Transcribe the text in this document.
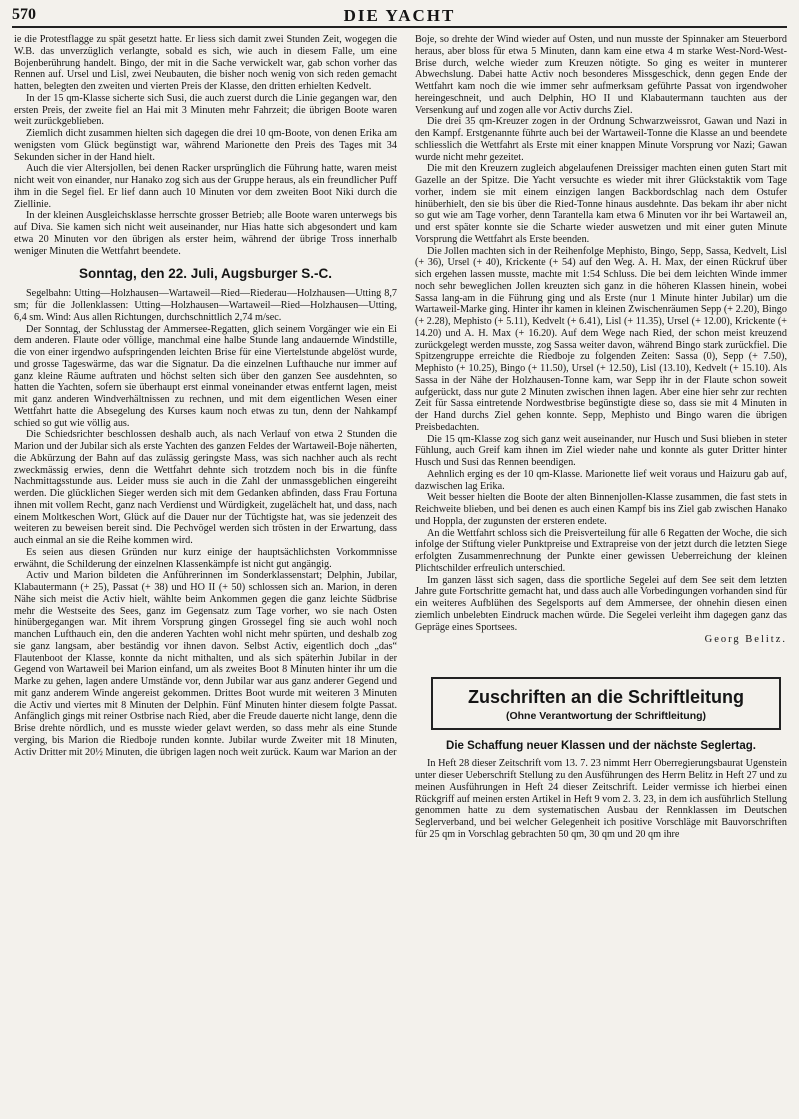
570	DIE YACHT

ie die Protestflagge zu spät gesetzt hatte. Er liess sich damit zwei Stunden Zeit, wogegen die W.B. das unverzüglich verlangte, sobald es sich, wie auch in diesem Falle, um eine Bojenberührung handelt. Bingo, der mit in die Sache verwickelt war, gab schon vorher das Rennen auf. Ursel und Lisl, zwei Neubauten, die bisher noch wenig von sich reden gemacht hatten, belegten den zweiten und vierten Preis der Klasse, den dritten erhielten Kedvelt.

In der 15 qm-Klasse sicherte sich Susi, die auch zuerst durch die Linie gegangen war, den ersten Preis, der zweite fiel an Hai mit 3 Minuten mehr Fahrzeit; die übrigen Boote waren weit zurückgeblieben.

Ziemlich dicht zusammen hielten sich dagegen die drei 10 qm-Boote, von denen Erika am wenigsten vom Glück begünstigt war, während Marionette den Preis des Tages mit 34 Sekunden sicher in der Hand hielt.

Auch die vier Altersjollen, bei denen Racker ursprünglich die Führung hatte, waren meist nicht weit von einander, nur Hanako zog sich aus der Gruppe heraus, als ein freundlicher Puff ihm in die Segel fiel. Er lief dann auch 10 Minuten vor dem zweiten Boot Niki durch die Ziellinie.

In der kleinen Ausgleichsklasse herrschte grosser Betrieb; alle Boote waren unterwegs bis auf Diva. Sie kamen sich nicht weit auseinander, nur Hias hatte sich abgesondert und kam etwa 20 Minuten vor den übrigen als erster heim, während der übrige Tross innerhalb weniger Minuten die Wettfahrt beendete.

Sonntag, den 22. Juli, Augsburger S.-C.

Segelbahn: Utting—Holzhausen—Wartaweil—Ried—Riederau—Holzhausen—Utting 8,7 sm; für die Jollenklassen: Utting—Holzhausen—Wartaweil—Ried—Holzhausen—Utting, 6,4 sm. Wind: Aus allen Richtungen, durchschnittlich 2,74 m/sec.

Der Sonntag, der Schlusstag der Ammersee-Regatten, glich seinem Vorgänger wie ein Ei dem anderen. Flaute oder völlige, manchmal eine halbe Stunde lang andauernde Windstille, die von einer irgendwo aufspringenden leichten Brise für eine Viertelstunde abgelöst wurde, und grosse Tageswärme, das war die Signatur. Da die einzelnen Lufthauche nur immer auf ganz kleine Räume auftraten und höchst selten sich über den ganzen See ausdehnten, so hatten die Yachten, sofern sie überhaupt erst einmal voneinander etwas entfernt lagen, meist mit ganz anderen Windverhältnissen zu rechnen, und mit dem eigentlichen Wesen einer Wettfahrt hatte die Absegelung des Kurses kaum noch etwas zu tun, denn der Nahkampf schied so gut wie völlig aus.

Die Schiedsrichter beschlossen deshalb auch, als nach Verlauf von etwa 2 Stunden die Marion und der Jubilar sich als erste Yachten des ganzen Feldes der Wartaweil-Boje näherten, die Abkürzung der Bahn auf das zulässig geringste Mass, was sich nachher auch als recht zweckmässig erwies, denn die Wettfahrt dehnte sich trotzdem noch bis in die fünfte Nachmittagsstunde aus. Leider muss sie auch in die Zahl der unmassgeblichen eingereiht werden. Die glücklichen Sieger werden sich mit dem Gedanken abfinden, dass Frau Fortuna ihnen mit vollem Recht, ganz nach Verdienst und Würdigkeit, zugelächelt hat, und dass, nach einem Moltkeschen Wort, Glück auf die Dauer nur der Tüchtigste hat, was sie jedenzeit des weiteren zu beweisen bereit sind. Die Pechvögel werden sich trösten in der Erwartung, dass auch einmal an sie die Reihe kommen wird.

Es seien aus diesen Gründen nur kurz einige der hauptsächlichsten Vorkommnisse erwähnt, die Schilderung der einzelnen Klassenkämpfe ist nicht gut angängig.

Activ und Marion bildeten die Anführerinnen im Sonderklassenstart; Delphin, Jubilar, Klabautermann (+ 25), Passat (+ 38) und HO II (+ 50) schlossen sich an. Marion, in deren Nähe sich meist die Activ hielt, wählte beim Ankommen gegen die ganz leichte Südbrise mehr die Westseite des Sees, ganz im Gegensatz zum Tage vorher, wo sie nach Osten hinübergegangen war. Mit ihrem Vorsprung gingen Grossegel fing sie auch wohl noch manchen Lufthauch ein, den die anderen Yachten wohl nicht mehr spürten, und deshalb zog sie ganz langsam, aber beständig vor ihnen davon. Selbst Activ, eigentlich doch „das“ Flautenboot der Klasse, konnte da nicht mithalten, und als sich späterhin Jubilar in der Gegend von Wartaweil bei Marion einfand, um als zweites Boot 8 Minuten hinter ihr um die Marke zu gehen, lagen andere Umstände vor, denn Jubilar war aus ganz anderer Gegend und mit ganz anderem Winde angereist gekommen. Drittes Boot wurde mit weiteren 3 Minuten die Activ und viertes mit 8 Minuten der Delphin. Fünf Minuten hinter diesem folgte Passat. Anfänglich gings mit reiner Ostbrise nach Ried, aber die Freude dauerte nicht lange, denn die Brise drehte nördlich, und es musste wieder gelavt werden, so dass mehr als eine Stunde verging, bis Marion die Riedboje runden konnte. Jubilar wurde Zweiter mit 18 Minuten, Activ Dritter mit 20½ Minuten, die übrigen lagen noch weit zurück. Kaum war Marion an der

Boje, so drehte der Wind wieder auf Osten, und nun musste der Spinnaker am Steuerbord heraus, aber bloss für etwa 5 Minuten, dann kam eine etwa 4 m starke West-Nord-West-Brise durch, welche wieder zum Kreuzen nötigte. So ging es weiter in munterer Abwechslung. Dabei hatte Activ noch besonderes Missgeschick, denn gegen Ende der Wettfahrt kam noch die wie immer sehr aufmerksam geführte Passat von irgendwoher hereingeschneit, und auch Delphin, HO II und Klabautermann tauchten aus der Versenkung auf und zogen alle vor Activ durchs Ziel.

Die drei 35 qm-Kreuzer zogen in der Ordnung Schwarzweissrot, Gawan und Nazi in den Kampf. Erstgenannte führte auch bei der Wartaweil-Tonne die Klasse an und beendete schliesslich die Wettfahrt als Erste mit einer knappen Minute Vorsprung vor Nazi; Gawan wurde nicht mehr gezeitet.

Die mit den Kreuzern zugleich abgelaufenen Dreissiger machten einen guten Start mit Gazelle an der Spitze. Die Yacht versuchte es wieder mit ihrer Glückstaktik vom Tage vorher, indem sie mit einem einzigen langen Backbordschlag nach dem Ostufer hinüberhielt, den sie bis über die Ried-Tonne hinaus ausdehnte. Das bekam ihr aber nicht so gut wie am Tage vorher, denn Tarantella kam etwa 6 Minuten vor ihr bei Wartaweil an, und erst später konnte sie die Scharte wieder auswetzen und mit einer guten Minute Vorsprung die Wettfahrt als Erste beenden.

Die Jollen machten sich in der Reihenfolge Mephisto, Bingo, Sepp, Sassa, Kedvelt, Lisl (+ 36), Ursel (+ 40), Krickente (+ 54) auf den Weg. A. H. Max, der einen Rückruf über sich ergehen lassen musste, machte mit 1:54 Schluss. Die bei dem leichten Winde immer noch sehr beweglichen Jollen kreuzten sich ganz in die höheren Klassen hinein, wobei Sassa lang-am in die Führung ging und als Erste (nur 1 Minute hinter Jubilar) um die Wartaweil-Marke ging. Hinter ihr kamen in kleinen Zwischenräumen Sepp (+ 2.20), Bingo (+ 2.28), Mephisto (+ 5.11), Kedvelt (+ 6.41), Lisl (+ 11.35), Ursel (+ 12.00), Krickente (+ 14.20) und A. H. Max (+ 16.20). Auf dem Wege nach Ried, der schon meist kreuzend zurückgelegt werden musste, zog Sassa weiter davon, während Bingo stark zurückfiel. Die Spitzengruppe erreichte die Riedboje zu folgenden Zeiten: Sassa (0), Sepp (+ 7.50), Mephisto (+ 10.25), Bingo (+ 11.50), Ursel (+ 12.50), Lisl (13.10), Kedvelt (+ 15.10). Als Sassa in der Nähe der Holzhausen-Tonne kam, war Sepp ihr in der Flaute schon soweit aufgerückt, dass nur gute 2 Minuten zwischen ihnen lagen. Aber eine hier sehr zur rechten Zeit für Sassa eintretende Nordwestbrise begünstigte diese so, dass sie mit 4 Minuten in der Hand durchs Ziel gehen konnte. Sepp, Mephisto und Bingo waren die übrigen Preisbedachten.

Die 15 qm-Klasse zog sich ganz weit auseinander, nur Husch und Susi blieben in steter Fühlung, auch Greif kam ihnen im Ziel wieder nahe und konnte als guter Dritter hinter Husch und Susi das Rennen beendigen.

Aehnlich erging es der 10 qm-Klasse. Marionette lief weit voraus und Haizuru gab auf, dazwischen lag Erika.

Weit besser hielten die Boote der alten Binnenjollen-Klasse zusammen, die fast stets in Reichweite blieben, und bei denen es auch einen Kampf bis ins Ziel gab zwischen Hanako und Hoppla, der zugunsten der ersteren endete.

An die Wettfahrt schloss sich die Preisverteilung für alle 6 Regatten der Woche, die sich infolge der Stiftung vieler Punktpreise und Extrapreise von der jetzt durch die letzten Siege erfolgten Zusammenrechnung der Punkte einer gewissen Ueberreichung der kleinen Plichtschilder erfreulich unterschied.

Im ganzen lässt sich sagen, dass die sportliche Segelei auf dem See seit dem letzten Jahre gute Fortschritte gemacht hat, und dass auch alle Vorbedingungen vorhanden sind für ein weiteres Aufblühen des Segelsports auf dem Ammersee, der ohnehin diesen einen ziemlich unbelebten Eindruck machen würde. Die Segelei verleiht ihm dagegen ganz das Gepräge eines Sportsees.

Georg Belitz.
Zuschriften an die Schriftleitung
(Ohne Verantwortung der Schriftleitung)
Die Schaffung neuer Klassen und der nächste Seglertag.

In Heft 28 dieser Zeitschrift vom 13. 7. 23 nimmt Herr Oberregierungsbaurat Ugenstein unter dieser Ueberschrift Stellung zu den Ausführungen des Herrn Belitz in Heft 27 und zu meinen Ausführungen in Heft 24 dieser Zeitschrift. Leider vermisse ich hierbei einen Rückgriff auf meinen ersten Artikel in Heft 9 vom 2. 3. 23, in dem ich ausführlich Stellung genommen hatte zu dem systematischen Ausbau der Rennklassen im Deutschen Seglerverband, und bei welcher Gelegenheit ich positive Vorschläge mit Bauvorschriften für 25 qm in Vorschlag gebrachten 50 qm, 30 qm und 20 qm ihre
